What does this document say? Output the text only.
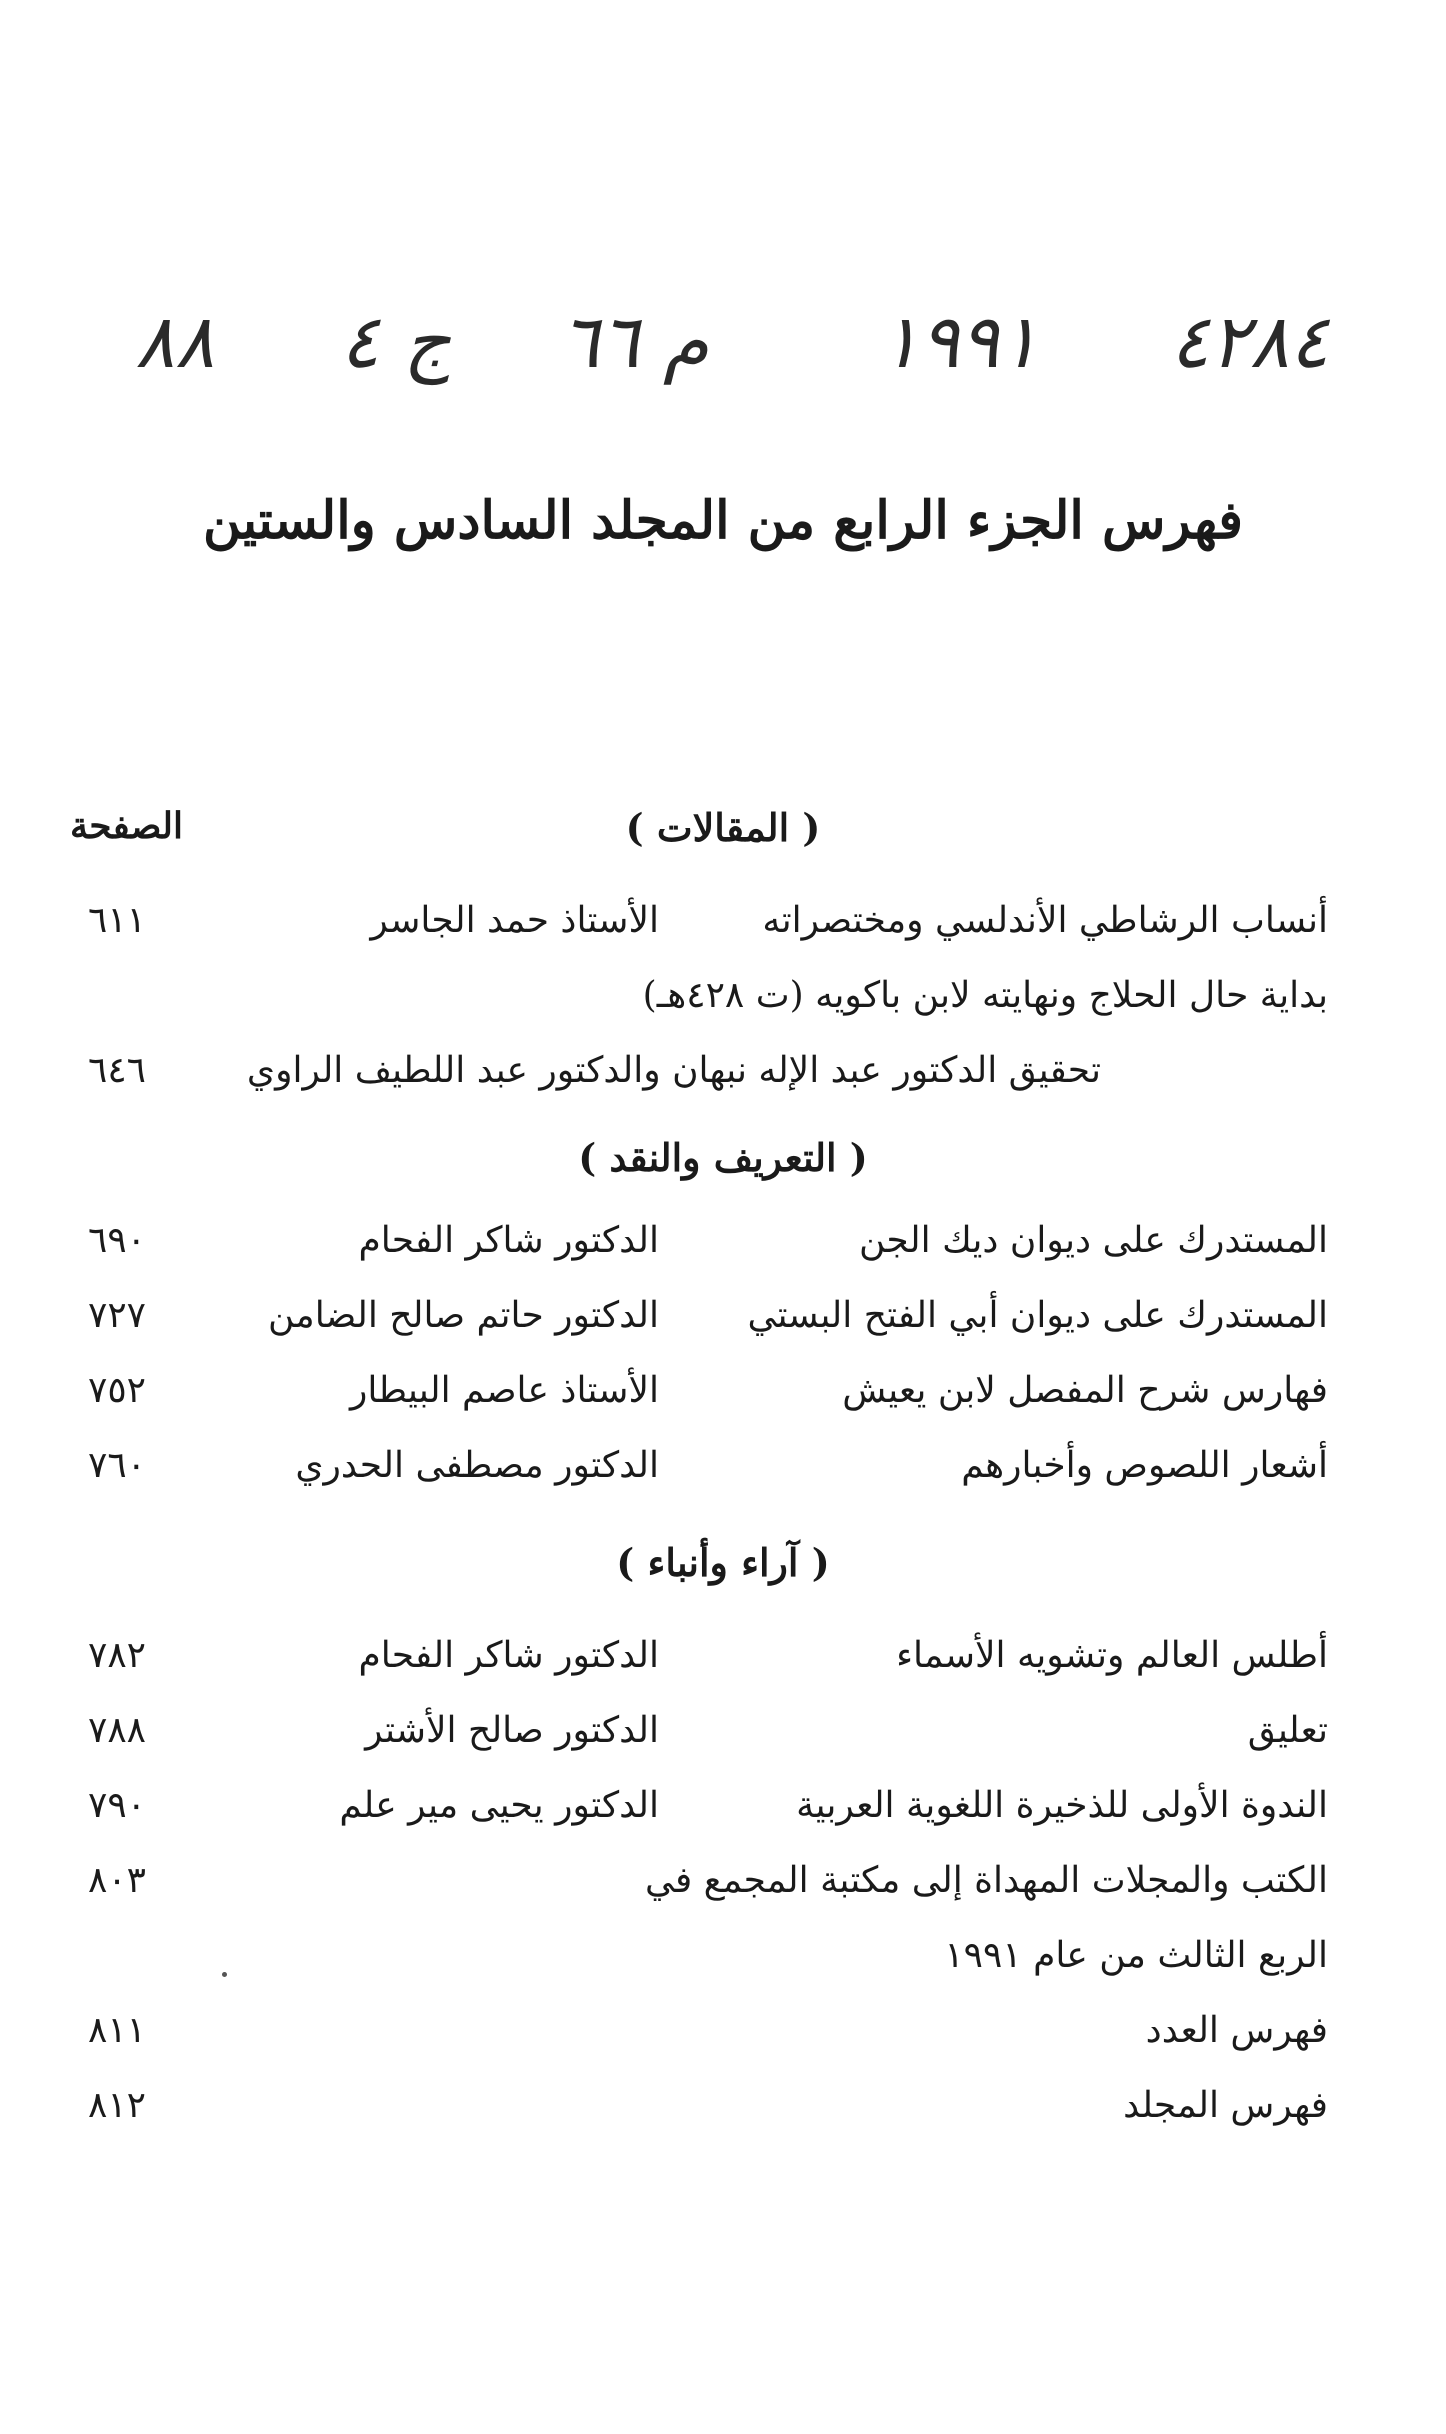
٤٢٨٤
١٩٩١
م ٦٦
ج ٤
٨٨
فهرس الجزء الرابع من المجلد السادس والستين
الصفحة	( المقالات )
أنساب الرشاطي الأندلسي ومختصراته
الأستاذ حمد الجاسر
٦١١
بداية حال الحلاج ونهايته لابن باكويه (ت ٤٢٨هـ)
تحقيق الدكتور عبد الإله نبهان والدكتور عبد اللطيف الراوي
٦٤٦
( التعريف والنقد )
المستدرك على ديوان ديك الجن
الدكتور شاكر الفحام
٦٩٠
المستدرك على ديوان أبي الفتح البستي
الدكتور حاتم صالح الضامن
٧٢٧
فهارس شرح المفصل لابن يعيش
الأستاذ عاصم البيطار
٧٥٢
أشعار اللصوص وأخبارهم
الدكتور مصطفى الحدري
٧٦٠
( آراء وأنباء )
أطلس العالم وتشويه الأسماء
الدكتور شاكر الفحام
٧٨٢
تعليق
الدكتور صالح الأشتر
٧٨٨
الندوة الأولى للذخيرة اللغوية العربية
الدكتور يحيى مير علم
٧٩٠
الكتب والمجلات المهداة إلى مكتبة المجمع في
٨٠٣
الربع الثالث من عام ١٩٩١
فهرس العدد
٨١١
فهرس المجلد
٨١٢
